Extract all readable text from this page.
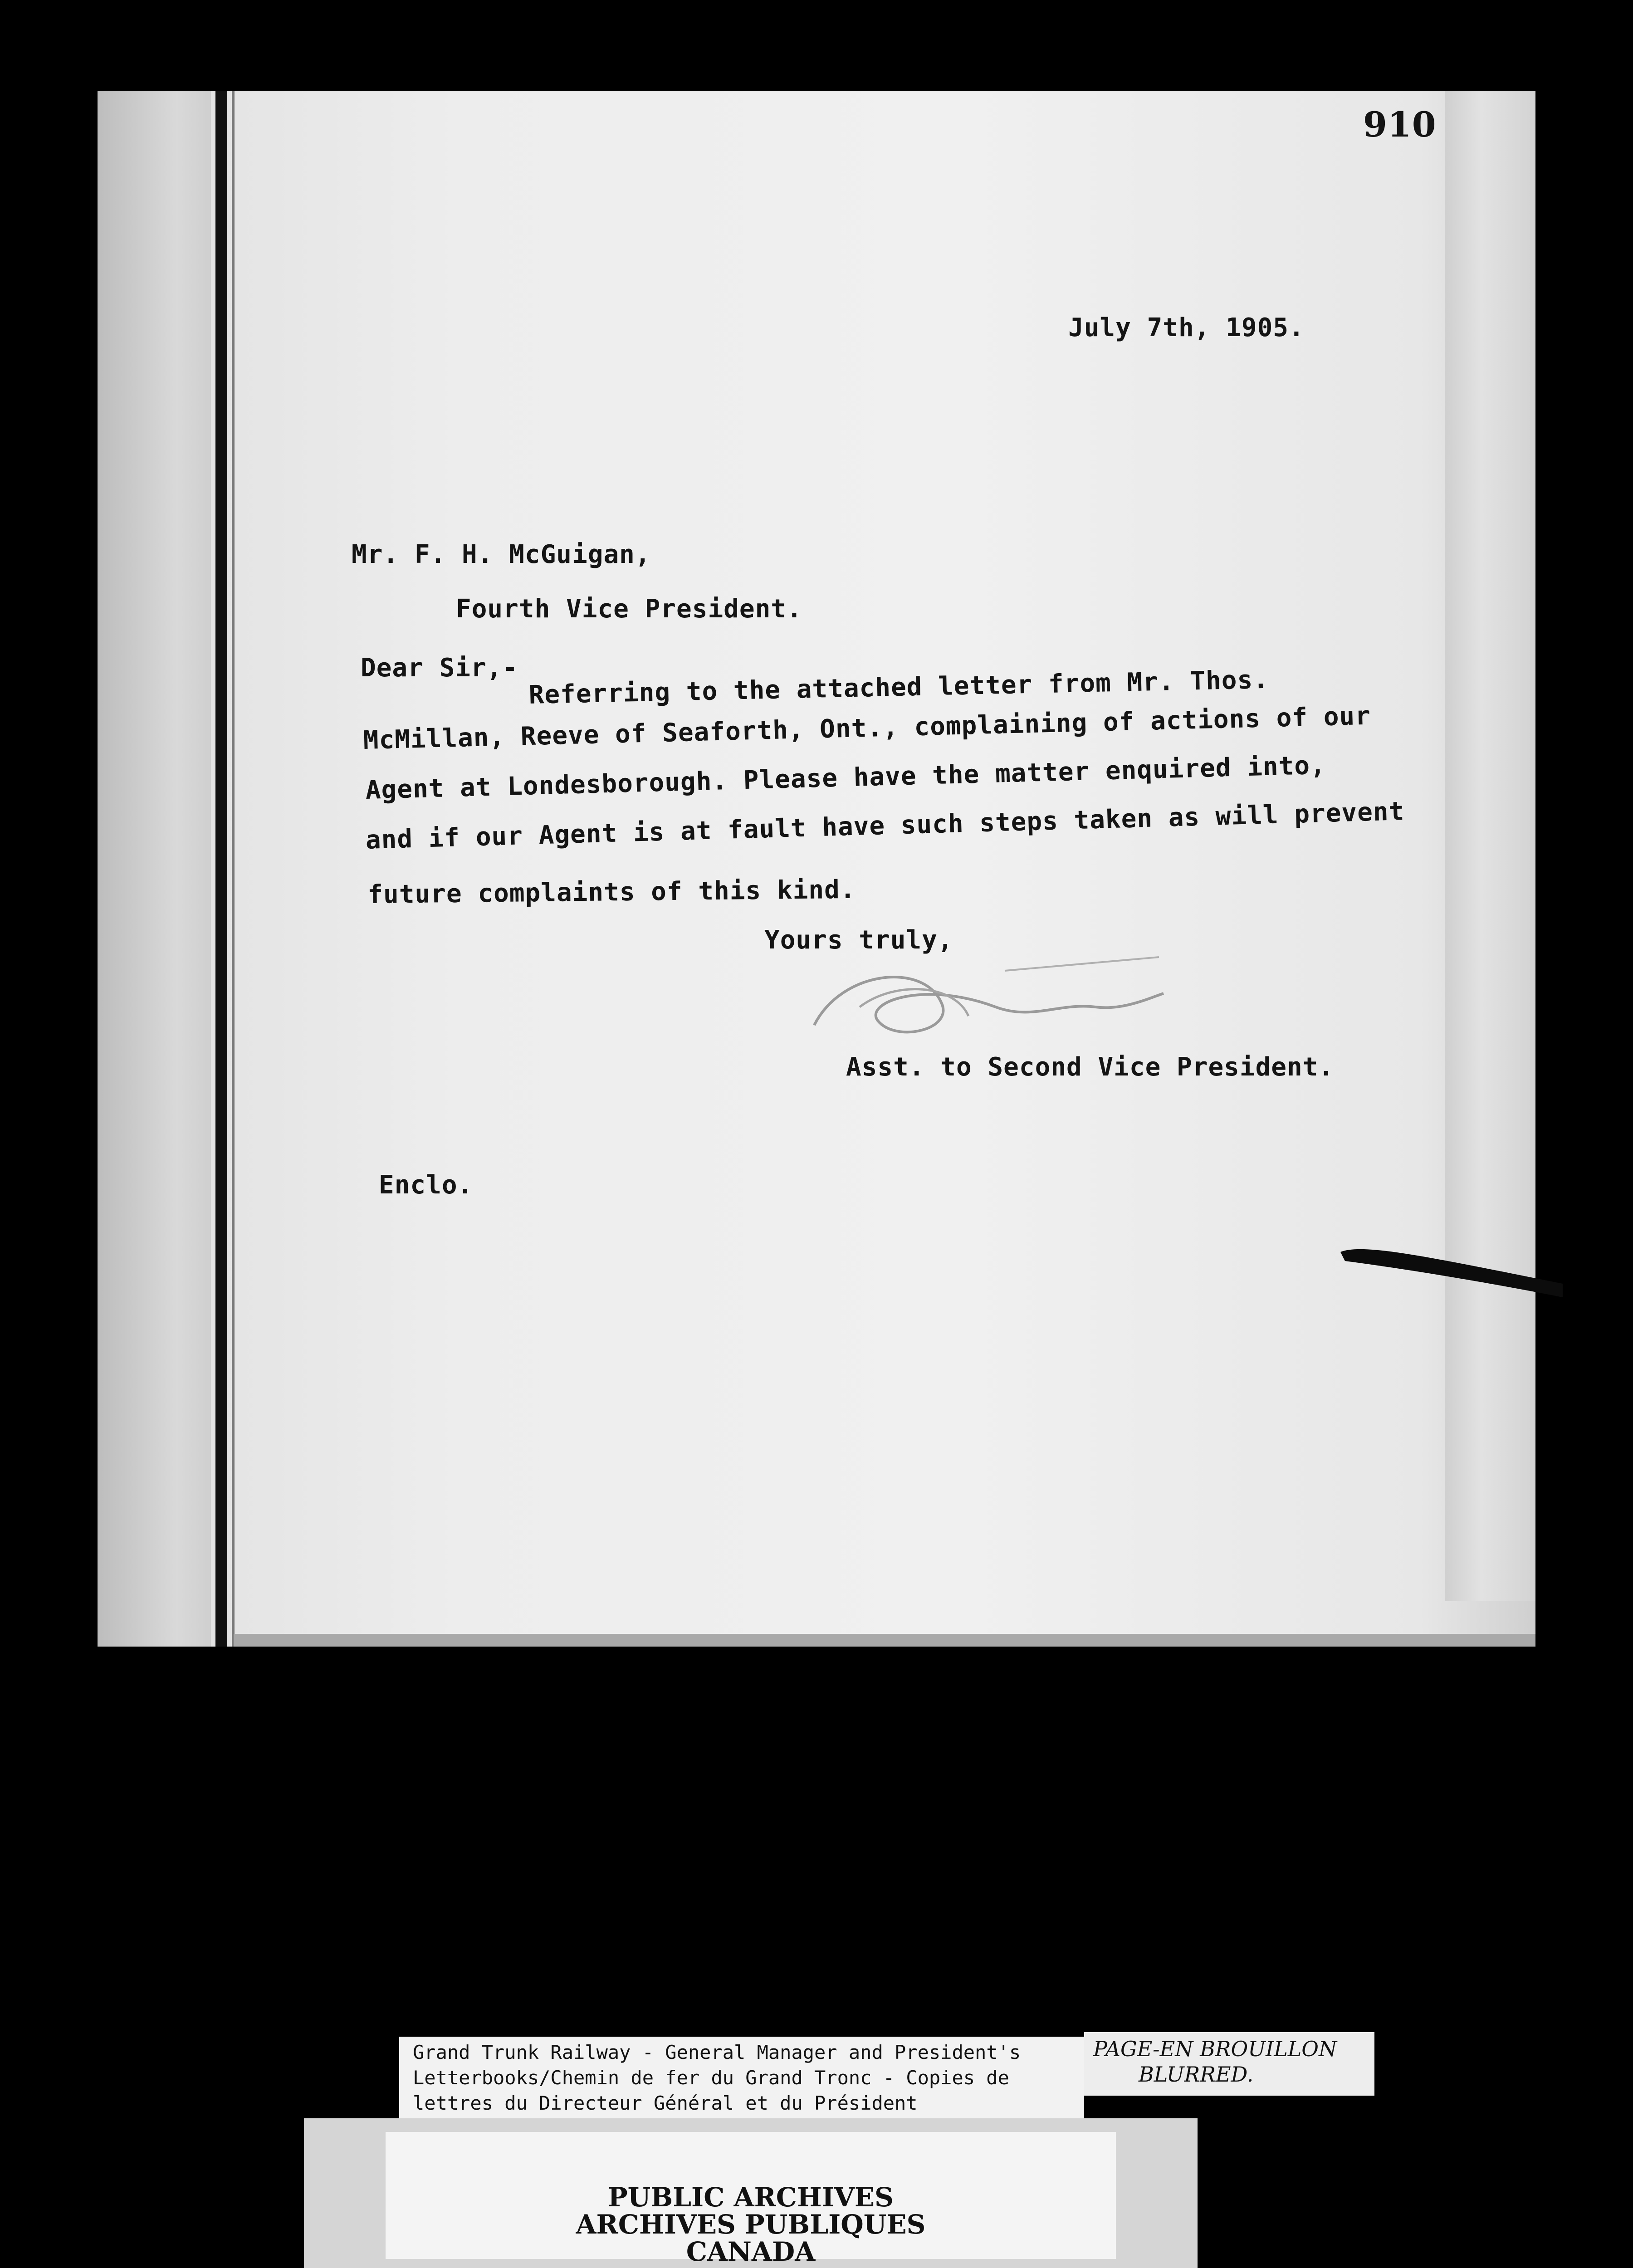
910
July 7th, 1905.
Mr. F. H. McGuigan,
Fourth Vice President.
Dear Sir,- Referring to the attached letter from Mr. Thos.
McMillan, Reeve of Seaforth, Ont., complaining of actions of our
Agent at Londesborough. Please have the matter enquired into,
and if our Agent is at fault have such steps taken as will prevent
future complaints of this kind.
Yours truly,
Asst. to Second Vice President.
Enclo.
Grand Trunk Railway - General Manager and President's
Letterbooks/Chemin de fer du Grand Tronc - Copies de
lettres du Directeur Général et du Président
PAGE-EN BROUILLON
BLURRED.
PUBLIC ARCHIVES
ARCHIVES PUBLIQUES
CANADA
